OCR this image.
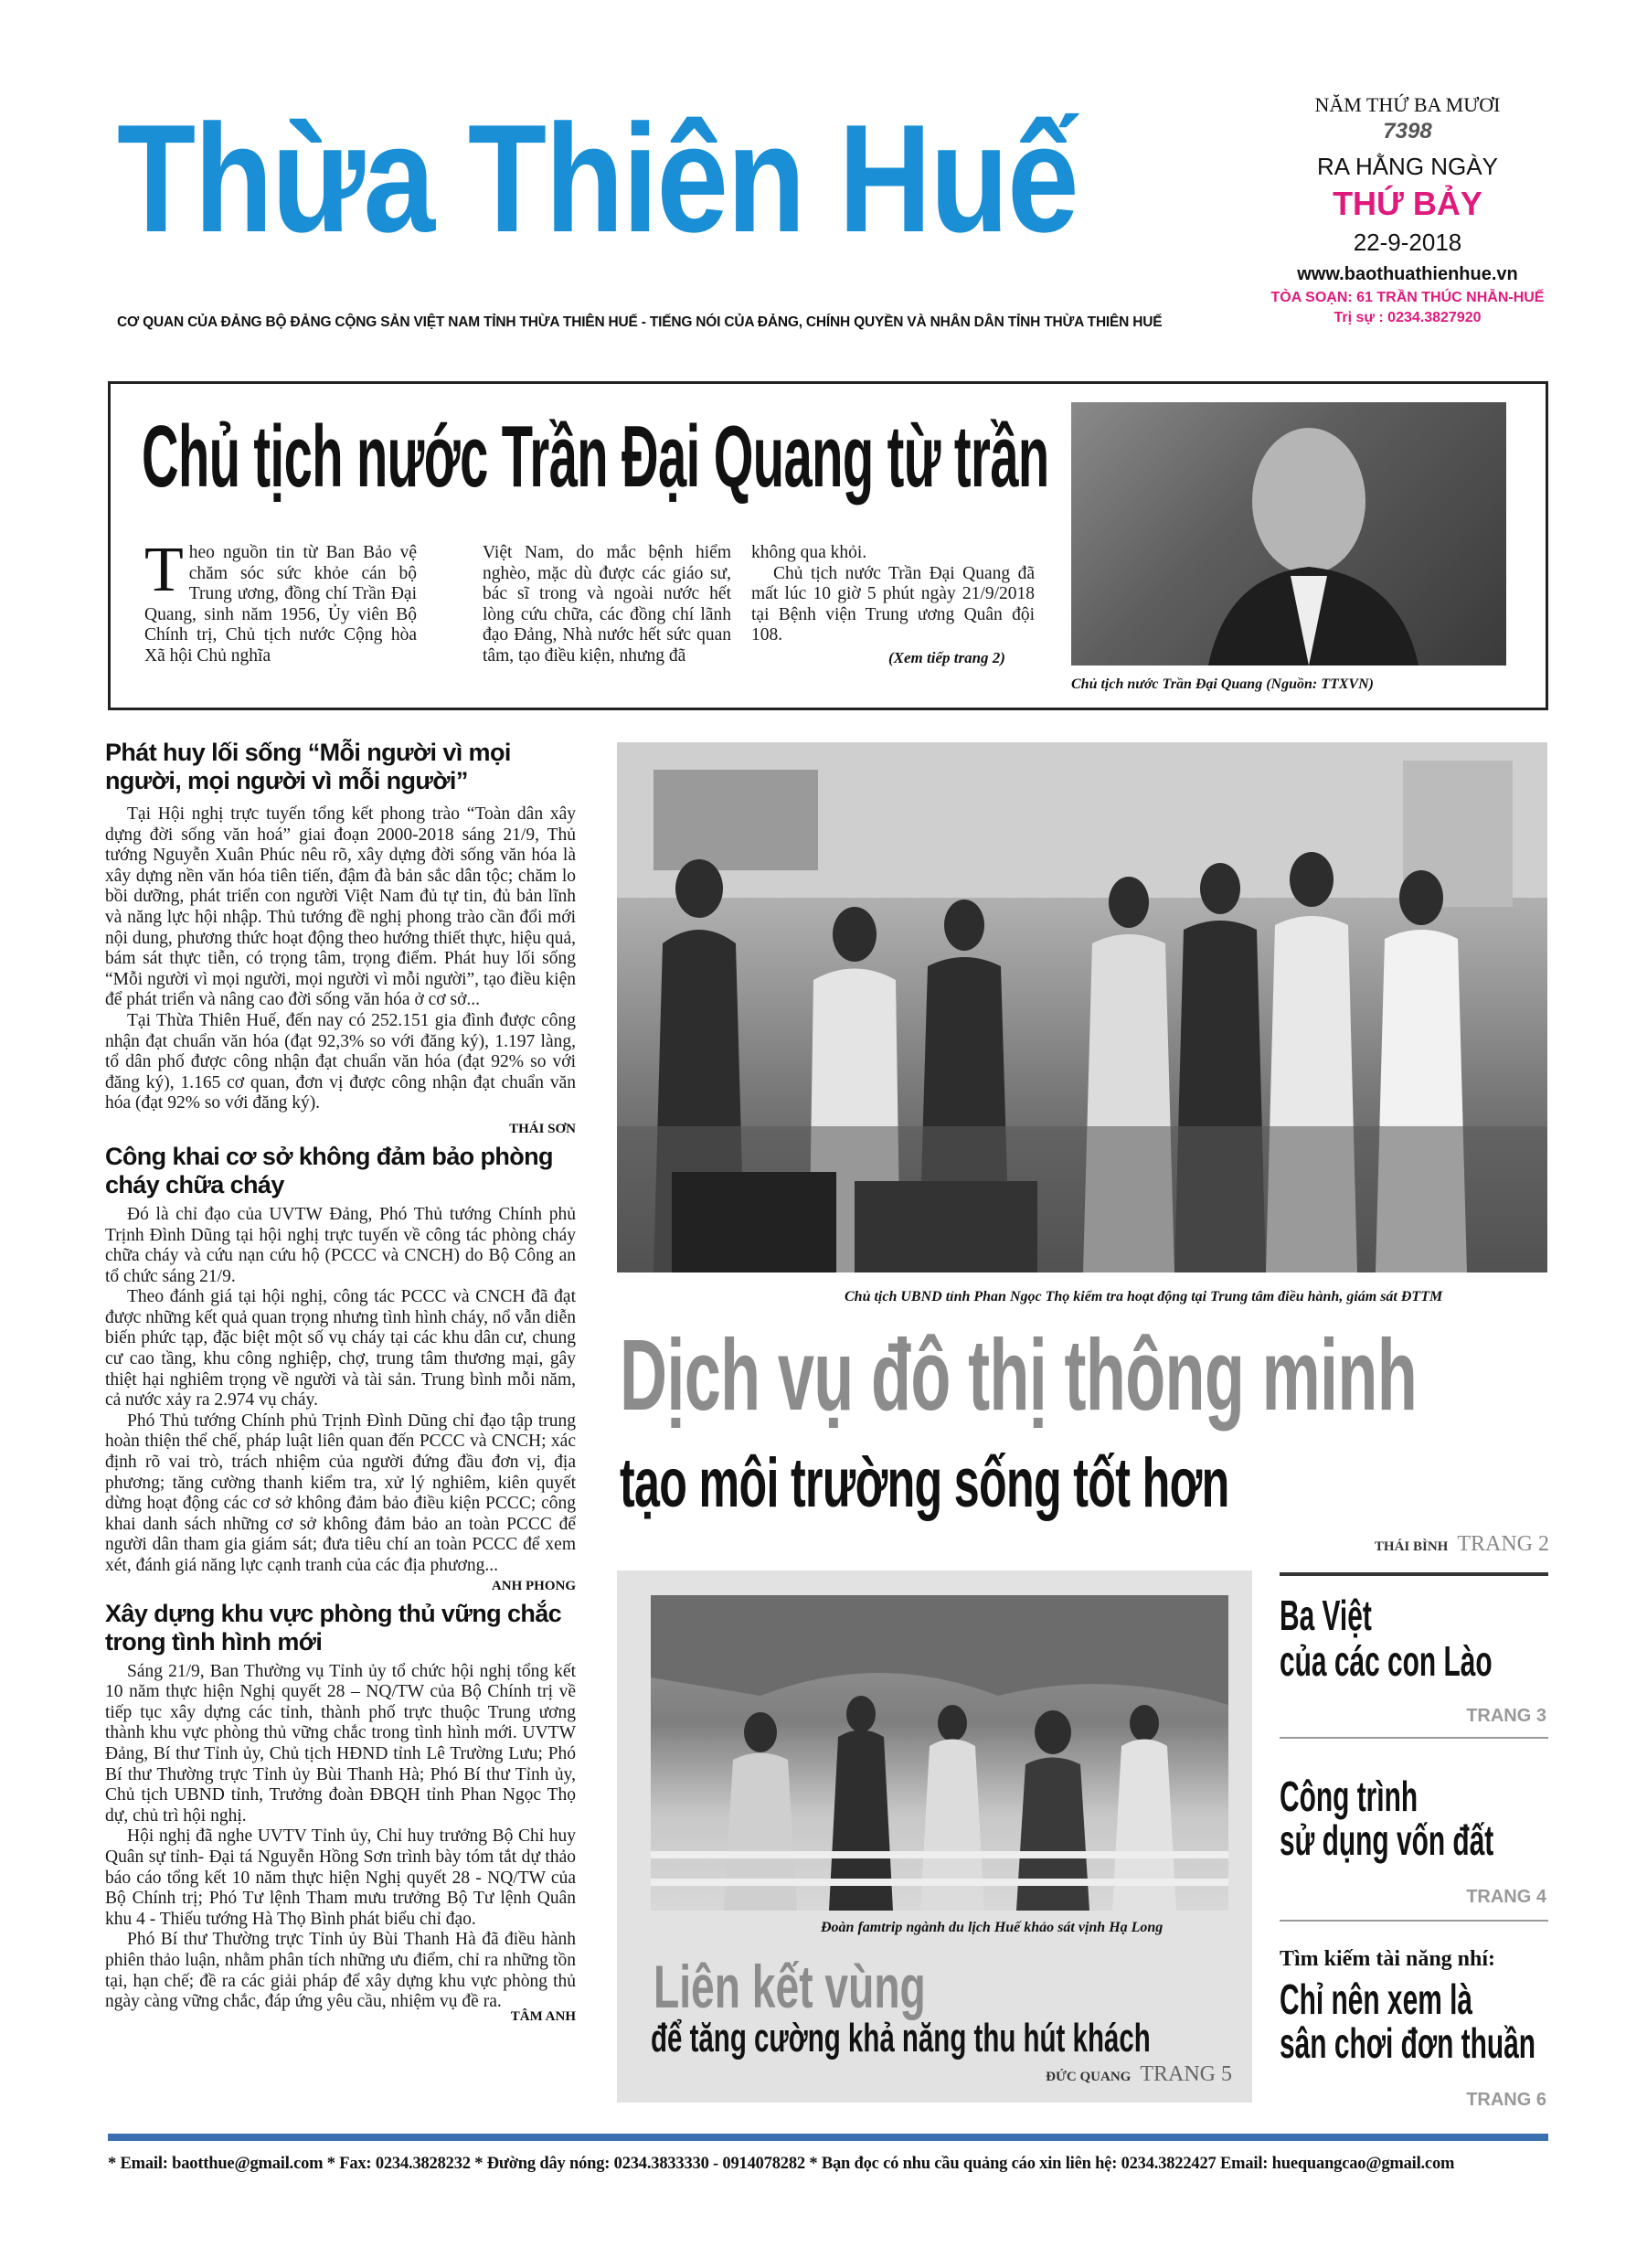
Thừa Thiên Huế	NĂM THỨ BA MƯƠI
7398
RA HẰNG NGÀY
THỨ BẢY
22-9-2018
www.baothuathienhue.vn
TÒA SOẠN: 61 TRẦN THÚC NHẪN-HUẾ
Trị sự : 0234.3827920
CƠ QUAN CỦA ĐẢNG BỘ ĐẢNG CỘNG SẢN VIỆT NAM TỈNH THỪA THIÊN HUẾ - TIẾNG NÓI CỦA ĐẢNG, CHÍNH QUYỀN VÀ NHÂN DÂN TỈNH THỪA THIÊN HUẾ
Chủ tịch nước Trần Đại Quang từ trần
Theo nguồn tin từ Ban Bảo vệ chăm sóc sức khỏe cán bộ Trung ương, đồng chí Trần Đại Quang, sinh năm 1956, Ủy viên Bộ Chính trị, Chủ tịch nước Cộng hòa Xã hội Chủ nghĩa
Việt Nam, do mắc bệnh hiểm nghèo, mặc dù được các giáo sư, bác sĩ trong và ngoài nước hết lòng cứu chữa, các đồng chí lãnh đạo Đảng, Nhà nước hết sức quan tâm, tạo điều kiện, nhưng đã
không qua khỏi.

Chủ tịch nước Trần Đại Quang đã mất lúc 10 giờ 5 phút ngày 21/9/2018 tại Bệnh viện Trung ương Quân đội 108.

(Xem tiếp trang 2)
Chủ tịch nước Trần Đại Quang (Nguồn: TTXVN)
Phát huy lối sống “Mỗi người vì mọi người, mọi người vì mỗi người”

Tại Hội nghị trực tuyến tổng kết phong trào “Toàn dân xây dựng đời sống văn hoá” giai đoạn 2000-2018 sáng 21/9, Thủ tướng Nguyễn Xuân Phúc nêu rõ, xây dựng đời sống văn hóa là xây dựng nền văn hóa tiên tiến, đậm đà bản sắc dân tộc; chăm lo bồi dưỡng, phát triển con người Việt Nam đủ tự tin, đủ bản lĩnh và năng lực hội nhập. Thủ tướng đề nghị phong trào cần đổi mới nội dung, phương thức hoạt động theo hướng thiết thực, hiệu quả, bám sát thực tiễn, có trọng tâm, trọng điểm. Phát huy lối sống “Mỗi người vì mọi người, mọi người vì mỗi người”, tạo điều kiện để phát triển và nâng cao đời sống văn hóa ở cơ sở...

Tại Thừa Thiên Huế, đến nay có 252.151 gia đình được công nhận đạt chuẩn văn hóa (đạt 92,3% so với đăng ký), 1.197 làng, tổ dân phố được công nhận đạt chuẩn văn hóa (đạt 92% so với đăng ký), 1.165 cơ quan, đơn vị được công nhận đạt chuẩn văn hóa (đạt 92% so với đăng ký).

THÁI SƠN
Công khai cơ sở không đảm bảo phòng cháy chữa cháy

Đó là chỉ đạo của UVTW Đảng, Phó Thủ tướng Chính phủ Trịnh Đình Dũng tại hội nghị trực tuyến về công tác phòng cháy chữa cháy và cứu nạn cứu hộ (PCCC và CNCH) do Bộ Công an tổ chức sáng 21/9.

Theo đánh giá tại hội nghị, công tác PCCC và CNCH đã đạt được những kết quả quan trọng nhưng tình hình cháy, nổ vẫn diễn biến phức tạp, đặc biệt một số vụ cháy tại các khu dân cư, chung cư cao tầng, khu công nghiệp, chợ, trung tâm thương mại, gây thiệt hại nghiêm trọng về người và tài sản. Trung bình mỗi năm, cả nước xảy ra 2.974 vụ cháy.

Phó Thủ tướng Chính phủ Trịnh Đình Dũng chỉ đạo tập trung hoàn thiện thể chế, pháp luật liên quan đến PCCC và CNCH; xác định rõ vai trò, trách nhiệm của người đứng đầu đơn vị, địa phương; tăng cường thanh kiểm tra, xử lý nghiêm, kiên quyết dừng hoạt động các cơ sở không đảm bảo điều kiện PCCC; công khai danh sách những cơ sở không đảm bảo an toàn PCCC để người dân tham gia giám sát; đưa tiêu chí an toàn PCCC để xem xét, đánh giá năng lực cạnh tranh của các địa phương...

ANH PHONG
Xây dựng khu vực phòng thủ vững chắc trong tình hình mới

Sáng 21/9, Ban Thường vụ Tỉnh ủy tổ chức hội nghị tổng kết 10 năm thực hiện Nghị quyết 28 – NQ/TW của Bộ Chính trị về tiếp tục xây dựng các tỉnh, thành phố trực thuộc Trung ương thành khu vực phòng thủ vững chắc trong tình hình mới. UVTW Đảng, Bí thư Tỉnh ủy, Chủ tịch HĐND tỉnh Lê Trường Lưu; Phó Bí thư Thường trực Tỉnh ủy Bùi Thanh Hà; Phó Bí thư Tỉnh ủy, Chủ tịch UBND tỉnh, Trưởng đoàn ĐBQH tỉnh Phan Ngọc Thọ dự, chủ trì hội nghị.

Hội nghị đã nghe UVTV Tỉnh ủy, Chỉ huy trưởng Bộ Chỉ huy Quân sự tỉnh- Đại tá Nguyễn Hồng Sơn trình bày tóm tắt dự thảo báo cáo tổng kết 10 năm thực hiện Nghị quyết 28 - NQ/TW của Bộ Chính trị; Phó Tư lệnh Tham mưu trưởng Bộ Tư lệnh Quân khu 4 - Thiếu tướng Hà Thọ Bình phát biểu chỉ đạo.

Phó Bí thư Thường trực Tỉnh ủy Bùi Thanh Hà đã điều hành phiên thảo luận, nhằm phân tích những ưu điểm, chỉ ra những tồn tại, hạn chế; đề ra các giải pháp để xây dựng khu vực phòng thủ ngày càng vững chắc, đáp ứng yêu cầu, nhiệm vụ đề ra.

TÂM ANH
Chủ tịch UBND tỉnh Phan Ngọc Thọ kiểm tra hoạt động tại Trung tâm điều hành, giám sát ĐTTM
Dịch vụ đô thị thông minh
tạo môi trường sống tốt hơn
THÁI BÌNH TRANG 2
Đoàn famtrip ngành du lịch Huế khảo sát vịnh Hạ Long
Liên kết vùng
để tăng cường khả năng thu hút khách
ĐỨC QUANG TRANG 5
Ba Việt
của các con Lào
TRANG 3
Công trình
sử dụng vốn đất
TRANG 4
Tìm kiếm tài năng nhí:
Chỉ nên xem là
sân chơi đơn thuần
TRANG 6
* Email: baotthue@gmail.com * Fax: 0234.3828232 * Đường dây nóng: 0234.3833330 - 0914078282 * Bạn đọc có nhu cầu quảng cáo xin liên hệ: 0234.3822427 Email: huequangcao@gmail.com
